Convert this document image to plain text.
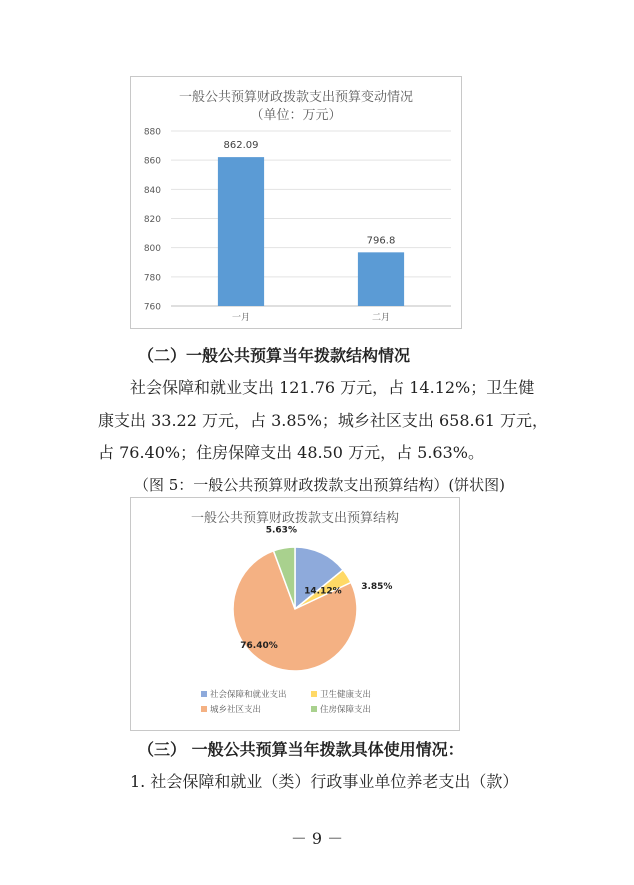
一般公共预算财政拨款支出预算变动情况
（单位：万元）
760
780
800
820
840
860
880
862.09
796.8
一月	二月
（二）一般公共预算当年拨款结构情况
社会保障和就业支出 121.76 万元，占 14.12%；卫生健
康支出 33.22 万元，占 3.85%；城乡社区支出 658.61 万元，
占 76.40%；住房保障支出 48.50 万元，占 5.63%。
（图 5：一般公共预算财政拨款支出预算结构）(饼状图)
一般公共预算财政拨款支出预算结构
14.12% 3.85%
76.40%
5.63%
社会保障和就业支出	卫生健康支出
城乡社区支出	住房保障支出
（三） 一般公共预算当年拨款具体使用情况：
1. 社会保障和就业（类）行政事业单位养老支出（款）
－ 9 －
